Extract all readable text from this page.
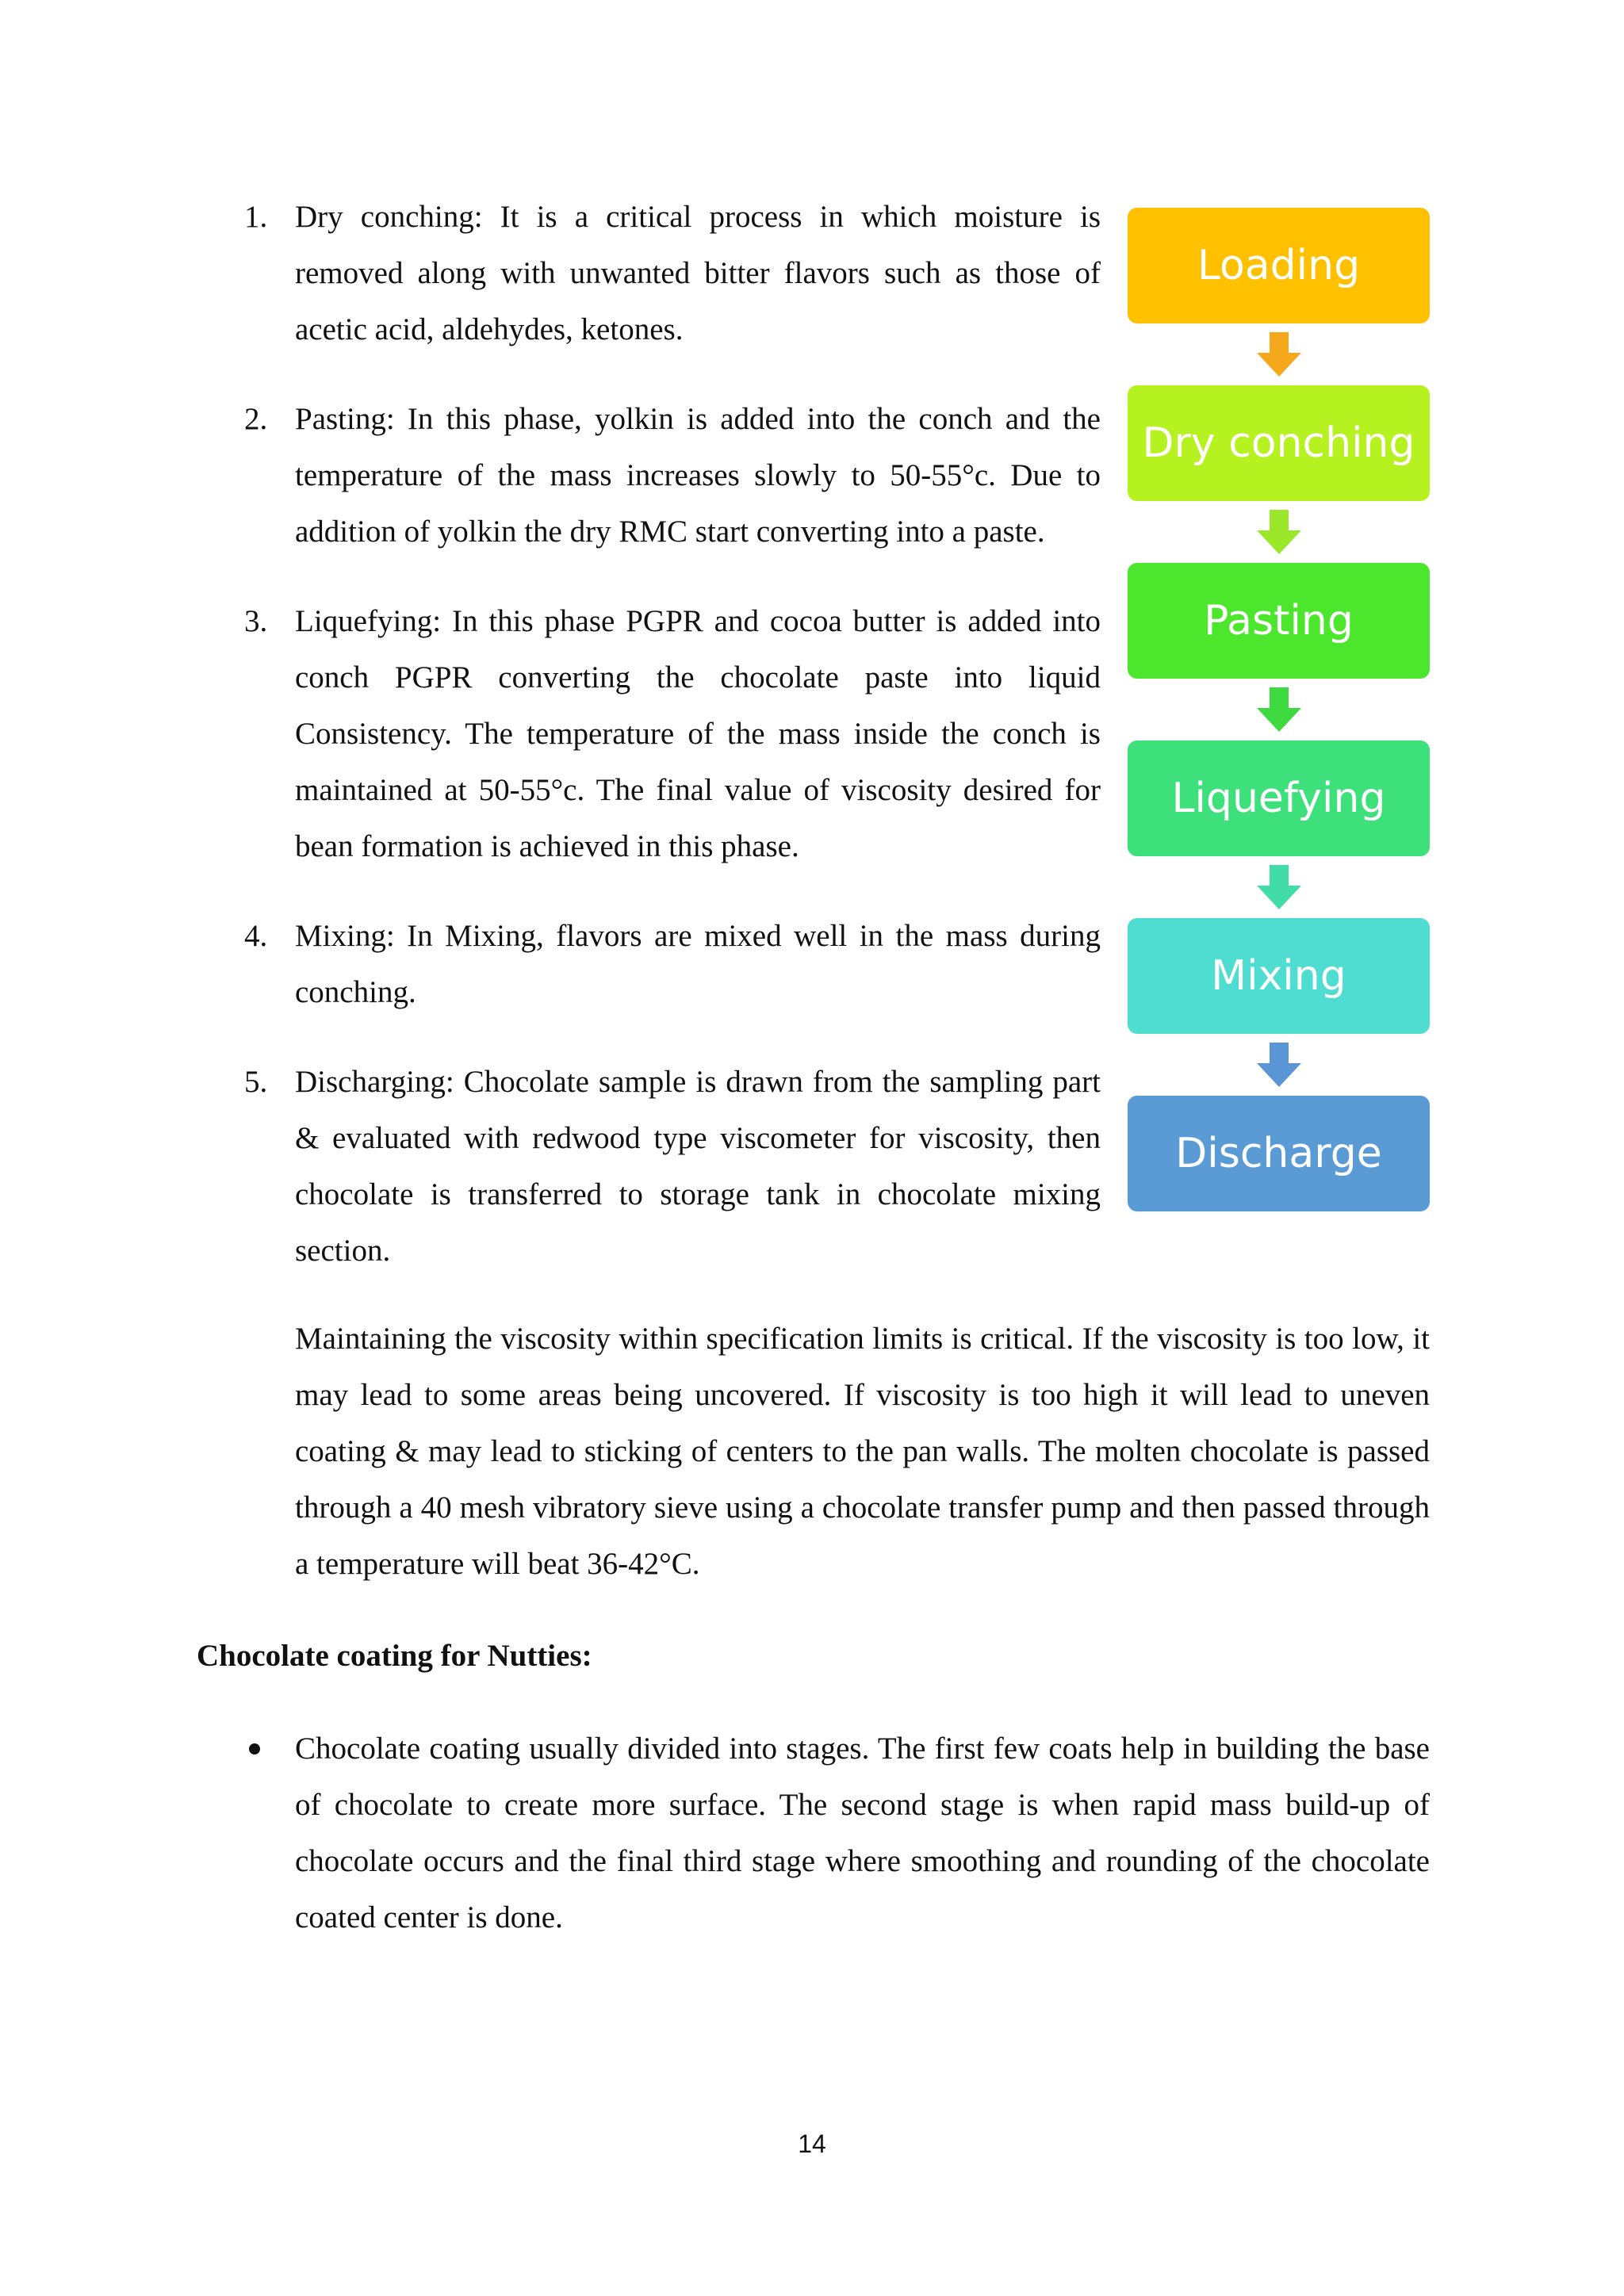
1. Dry conching: It is a critical process in which moisture is removed along with unwanted bitter flavors such as those of acetic acid, aldehydes, ketones.
2. Pasting: In this phase, yolkin is added into the conch and the temperature of the mass increases slowly to 50-55°c. Due to addition of yolkin the dry RMC start converting into a paste.
3. Liquefying: In this phase PGPR and cocoa butter is added into conch PGPR converting the chocolate paste into liquid Consistency. The temperature of the mass inside the conch is maintained at 50-55°c. The final value of viscosity desired for bean formation is achieved in this phase.
4. Mixing: In Mixing, flavors are mixed well in the mass during conching.
5. Discharging: Chocolate sample is drawn from the sampling part & evaluated with redwood type viscometer for viscosity, then chocolate is transferred to storage tank in chocolate mixing section.
Loading
Dry conching
Pasting
Liquefying
Mixing
Discharge

Maintaining the viscosity within specification limits is critical. If the viscosity is too low, it may lead to some areas being uncovered. If viscosity is too high it will lead to uneven coating & may lead to sticking of centers to the pan walls. The molten chocolate is passed through a 40 mesh vibratory sieve using a chocolate transfer pump and then passed through a temperature will beat 36-42°C.

Chocolate coating for Nutties:
Chocolate coating usually divided into stages. The first few coats help in building the base of chocolate to create more surface. The second stage is when rapid mass build-up of chocolate occurs and the final third stage where smoothing and rounding of the chocolate coated center is done.
14
